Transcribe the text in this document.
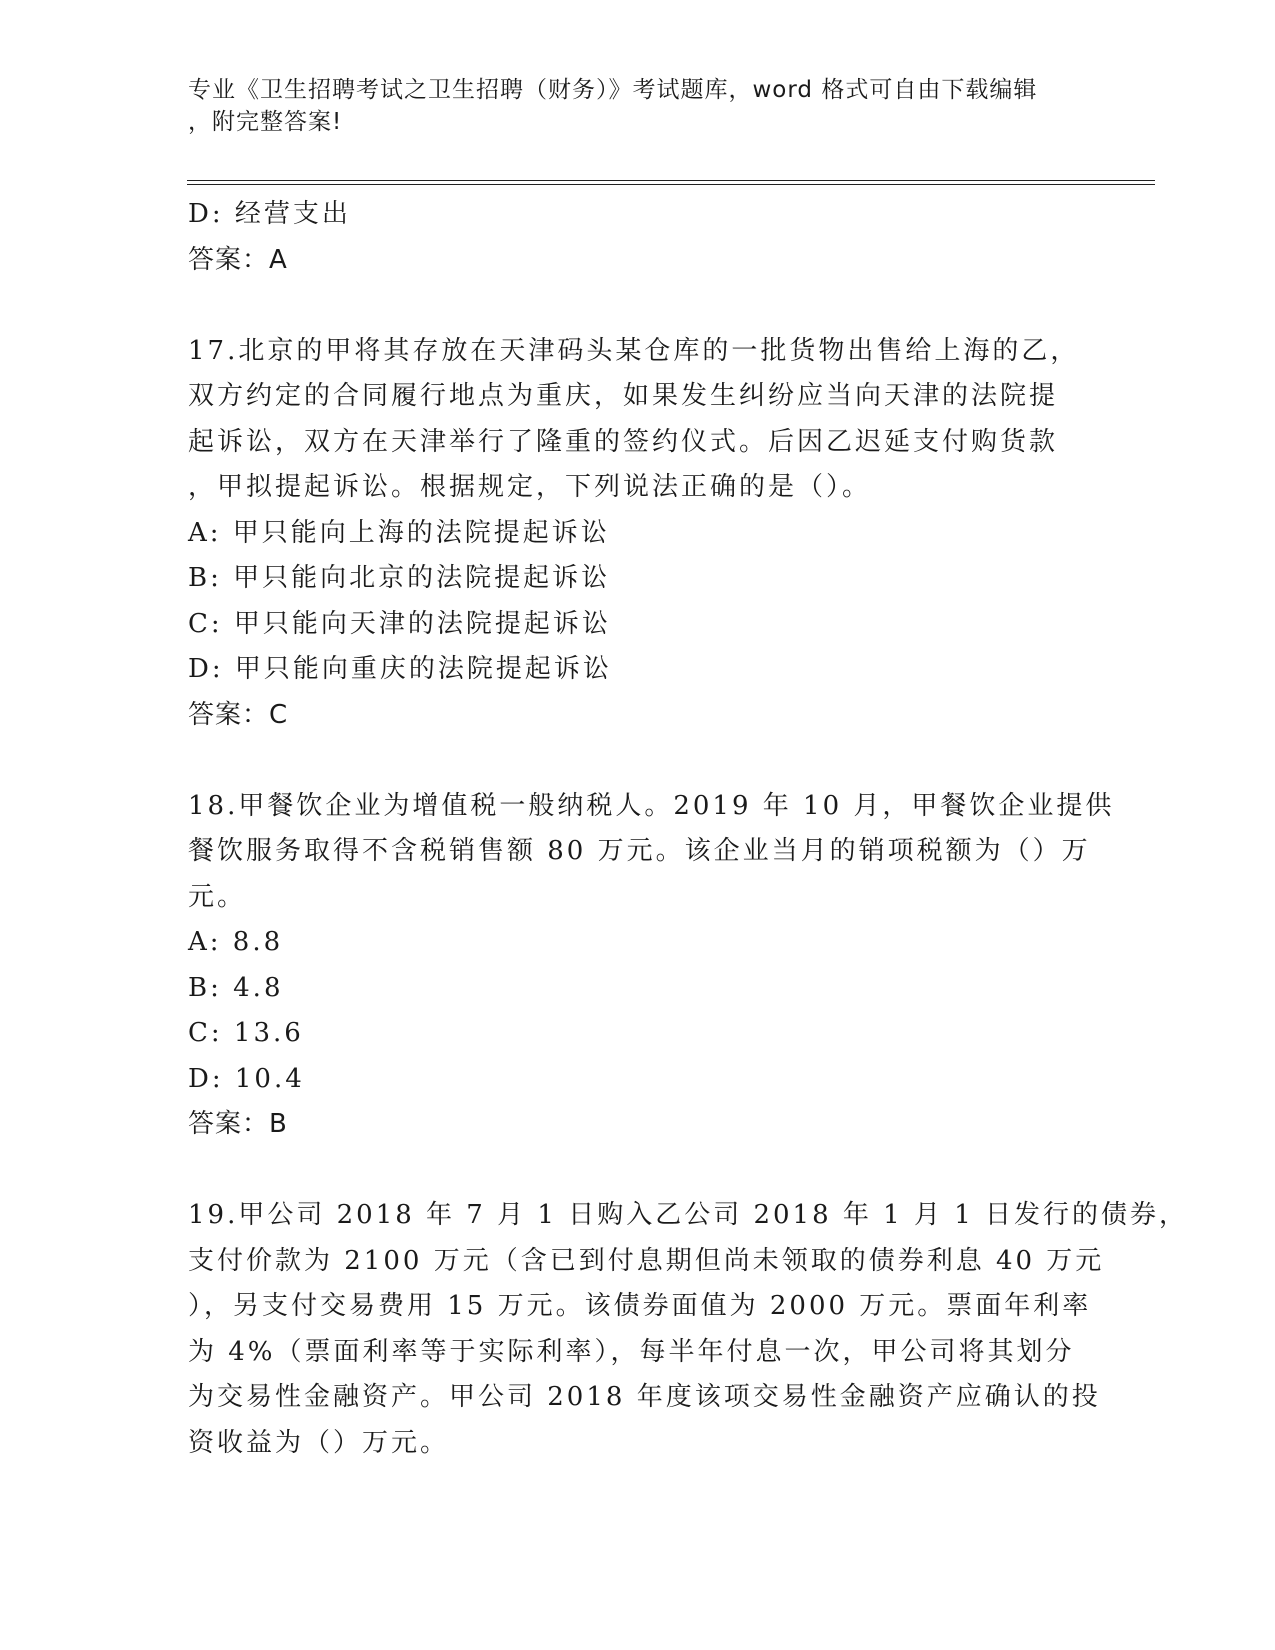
专业《卫生招聘考试之卫生招聘（财务）》考试题库，word 格式可自由下载编辑
，附完整答案!
D: 经营支出
答案：A
17.北京的甲将其存放在天津码头某仓库的一批货物出售给上海的乙，
双方约定的合同履行地点为重庆，如果发生纠纷应当向天津的法院提
起诉讼，双方在天津举行了隆重的签约仪式。后因乙迟延支付购货款
，甲拟提起诉讼。根据规定，下列说法正确的是（）。
A: 甲只能向上海的法院提起诉讼
B: 甲只能向北京的法院提起诉讼
C: 甲只能向天津的法院提起诉讼
D: 甲只能向重庆的法院提起诉讼
答案：C
18.甲餐饮企业为增值税一般纳税人。2019 年 10 月，甲餐饮企业提供
餐饮服务取得不含税销售额 80 万元。该企业当月的销项税额为（）万
元。
A: 8.8
B: 4.8
C: 13.6
D: 10.4
答案：B
19.甲公司 2018 年 7 月 1 日购入乙公司 2018 年 1 月 1 日发行的债券，
支付价款为 2100 万元（含已到付息期但尚未领取的债券利息 40 万元
），另支付交易费用 15 万元。该债券面值为 2000 万元。票面年利率
为 4%（票面利率等于实际利率），每半年付息一次，甲公司将其划分
为交易性金融资产。甲公司 2018 年度该项交易性金融资产应确认的投
资收益为（）万元。
